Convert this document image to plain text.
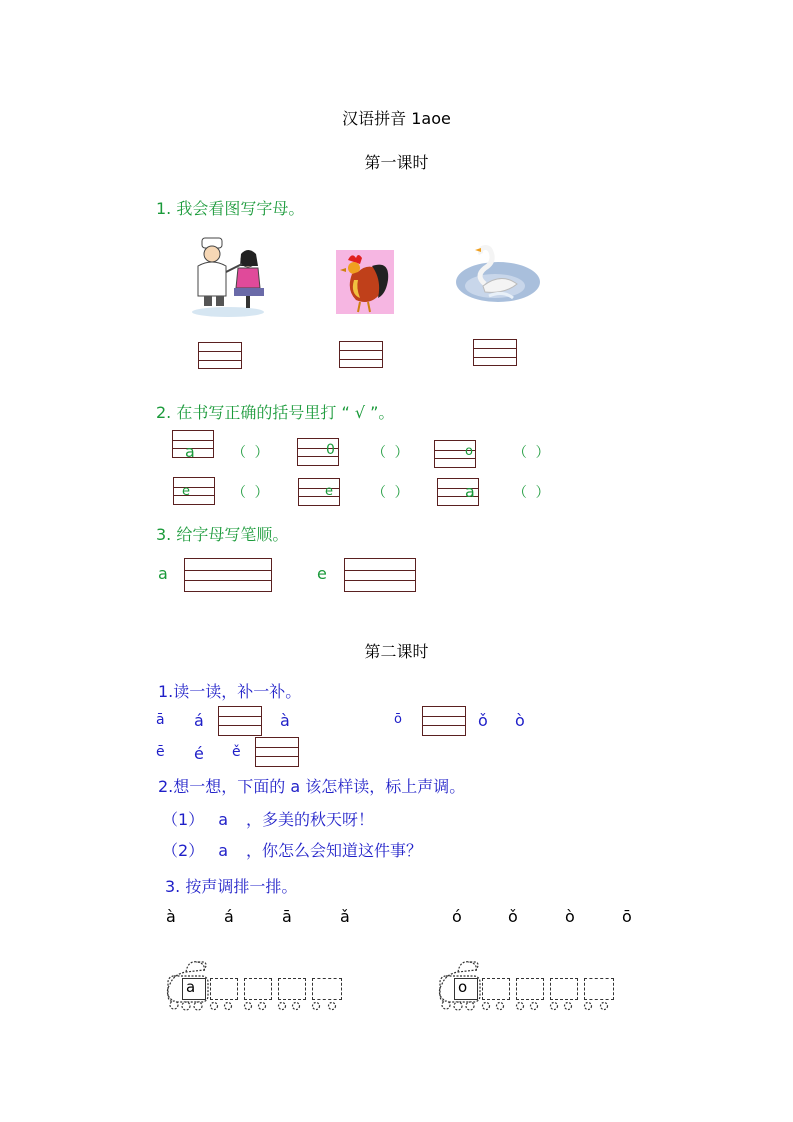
汉语拼音 1aoe
第一课时
1. 我会看图写字母。
2. 在书写正确的括号里打 “ √ ”。
a	（ ）	0	（ ）	o	（ ）
e	（ ）	e	（ ）	a	（ ）
3. 给字母写笔顺。
a	e
第二课时
1.读一读，补一补。
ā á	à	ō	ǒ ò
ē é ě
2.想一想，下面的 a 该怎样读，标上声调。
（1） a ，多美的秋天呀！
（2） a ，你怎么会知道这件事？
3. 按声调排一排。
à	á	ā	ǎ	ó	ǒ	ò	ō
a	o
